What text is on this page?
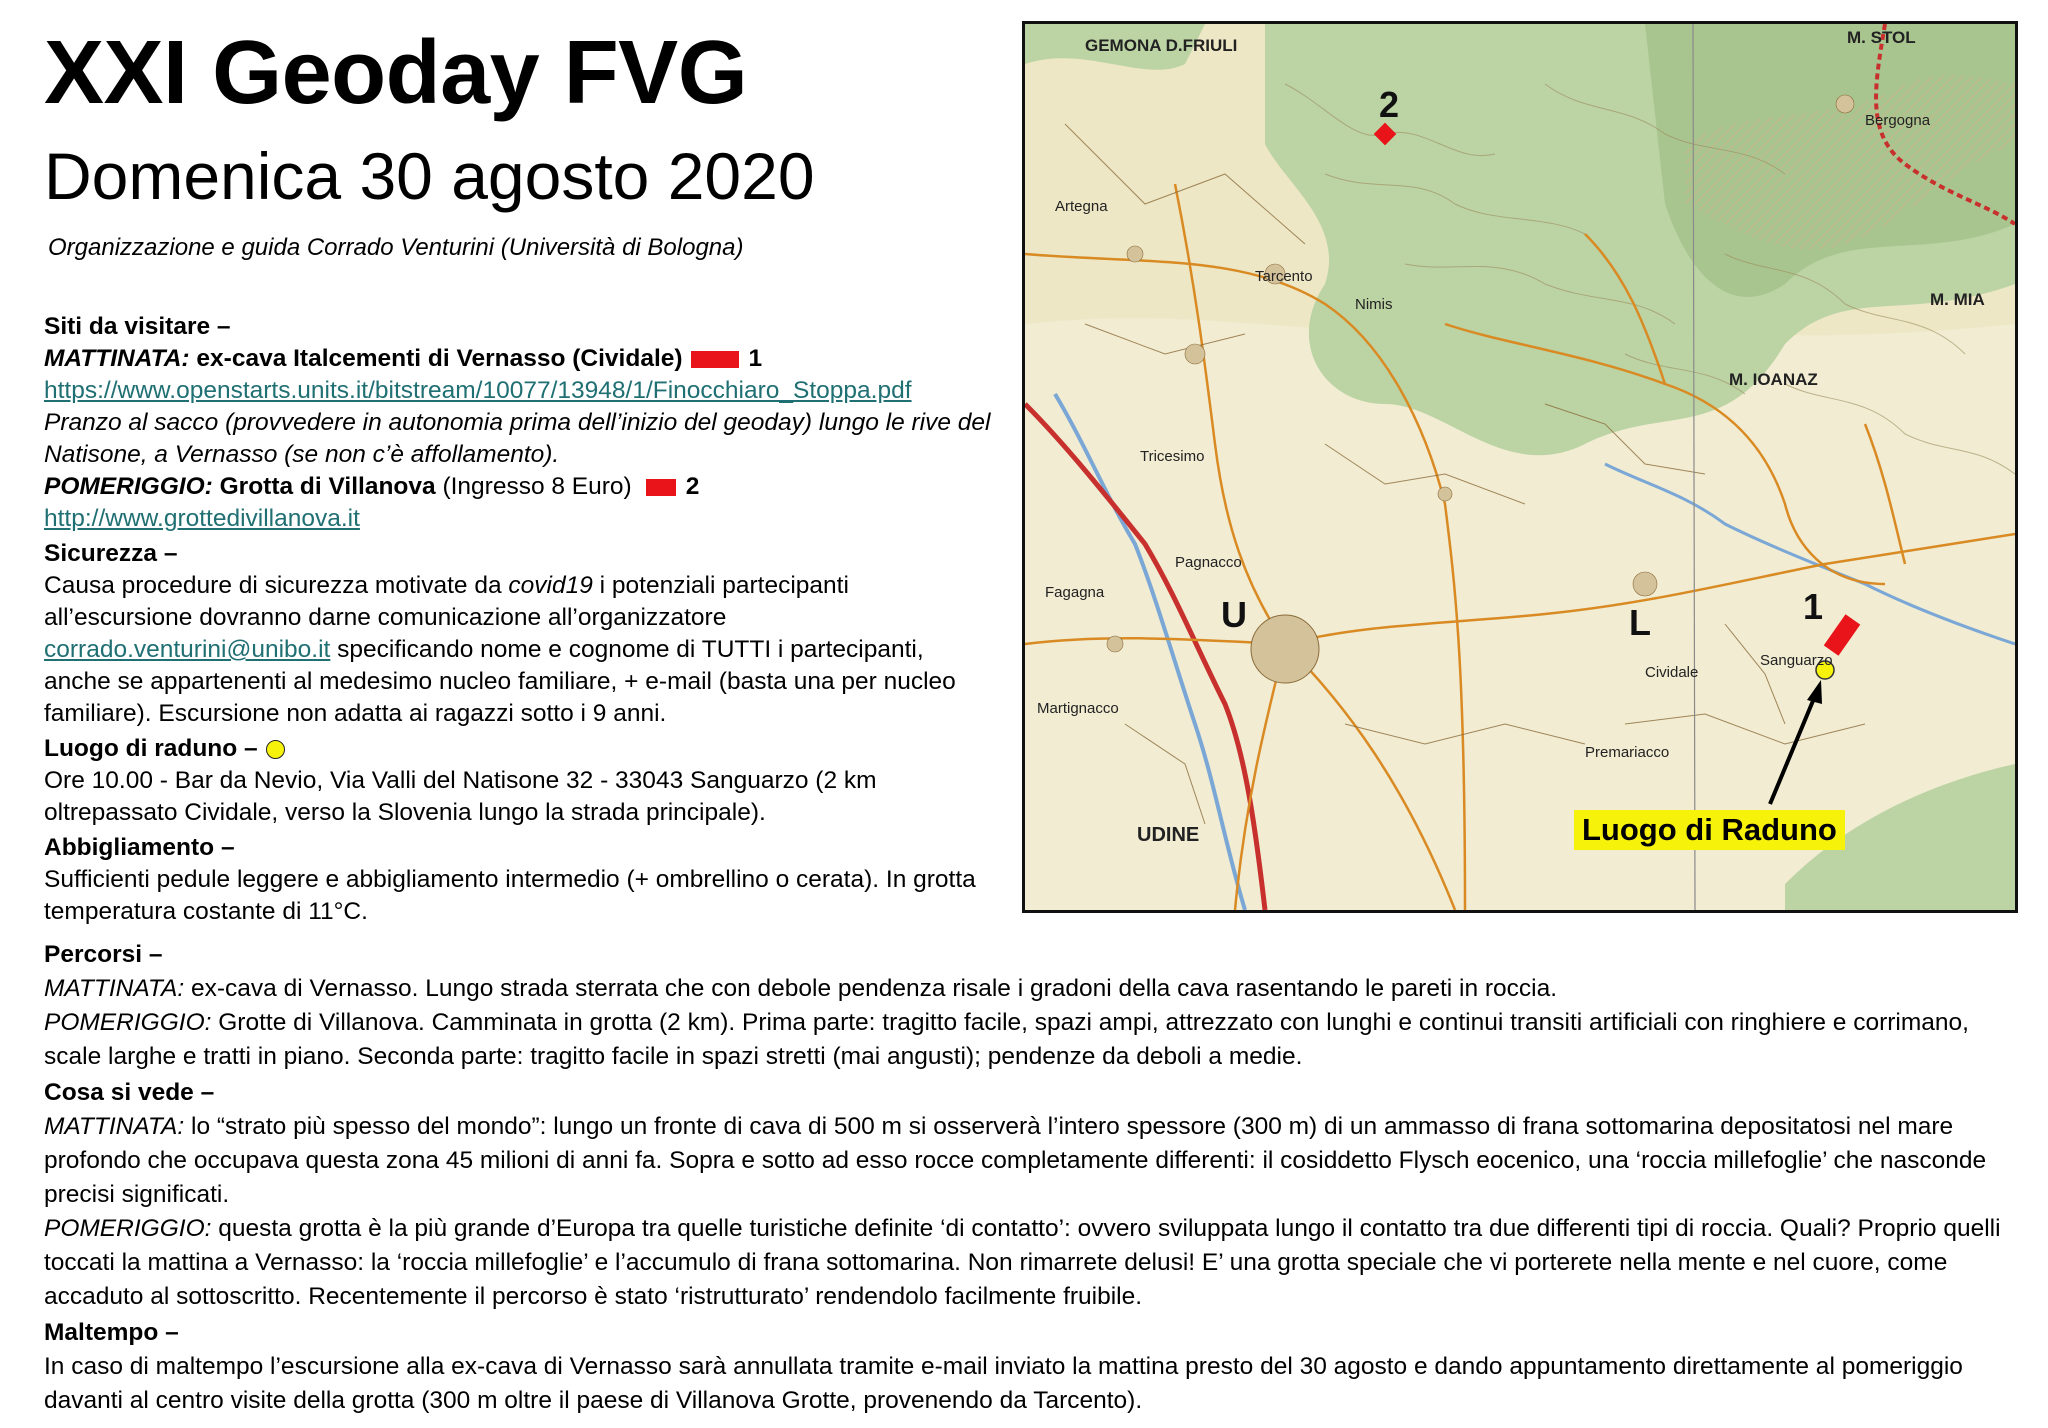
XXI Geoday FVG
Domenica 30 agosto 2020
Organizzazione e guida Corrado Venturini (Università di Bologna)

Siti da visitare –

MATTINATA: ex-cava Italcementi di Vernasso (Cividale)	1

https://www.openstarts.units.it/bitstream/10077/13948/1/Finocchiaro_Stoppa.pdf

Pranzo al sacco (provvedere in autonomia prima dell’inizio del geoday) lungo le rive del Natisone, a Vernasso (se non c’è affollamento).

POMERIGGIO: Grotta di Villanova (Ingresso 8 Euro) 2

http://www.grottedivillanova.it

Sicurezza –

Causa procedure di sicurezza motivate da covid19 i potenziali partecipanti all’escursione dovranno darne comunicazione all’organizzatore corrado.venturini@unibo.it specificando nome e cognome di TUTTI i partecipanti, anche se appartenenti al medesimo nucleo familiare, + e-mail (basta una per nucleo familiare). Escursione non adatta ai ragazzi sotto i 9 anni.

Luogo di raduno –

Ore 10.00 - Bar da Nevio, Via Valli del Natisone 32 - 33043 Sanguarzo (2 km oltrepassato Cividale, verso la Slovenia lungo la strada principale).

Abbigliamento –

Sufficienti pedule leggere e abbigliamento intermedio (+ ombrellino o cerata). In grotta temperatura costante di 11°C.

GEMONA D.FRIULI	M. STOL
Tarcento
Tricesimo
Cividale
UDINE
M. MIA
Nimis
Bergogna
Artegna
Pagnacco
Sanguarzo
M. IOANAZ
Premariacco
Martignacco
Fagagna
U	L
2
1
Luogo di Raduno

Percorsi –

MATTINATA: ex-cava di Vernasso. Lungo strada sterrata che con debole pendenza risale i gradoni della cava rasentando le pareti in roccia.

POMERIGGIO: Grotte di Villanova. Camminata in grotta (2 km). Prima parte: tragitto facile, spazi ampi, attrezzato con lunghi e continui transiti artificiali con ringhiere e corrimano, scale larghe e tratti in piano. Seconda parte: tragitto facile in spazi stretti (mai angusti); pendenze da deboli a medie.

Cosa si vede –

MATTINATA: lo “strato più spesso del mondo”: lungo un fronte di cava di 500 m si osserverà l’intero spessore (300 m) di un ammasso di frana sottomarina depositatosi nel mare profondo che occupava questa zona 45 milioni di anni fa. Sopra e sotto ad esso rocce completamente differenti: il cosiddetto Flysch eocenico, una ‘roccia millefoglie’ che nasconde precisi significati.

POMERIGGIO: questa grotta è la più grande d’Europa tra quelle turistiche definite ‘di contatto’: ovvero sviluppata lungo il contatto tra due differenti tipi di roccia. Quali? Proprio quelli toccati la mattina a Vernasso: la ‘roccia millefoglie’ e l’accumulo di frana sottomarina. Non rimarrete delusi! E’ una grotta speciale che vi porterete nella mente e nel cuore, come accaduto al sottoscritto. Recentemente il percorso è stato ‘ristrutturato’ rendendolo facilmente fruibile.

Maltempo –

In caso di maltempo l’escursione alla ex-cava di Vernasso sarà annullata tramite e-mail inviato la mattina presto del 30 agosto e dando appuntamento direttamente al pomeriggio davanti al centro visite della grotta (300 m oltre il paese di Villanova Grotte, provenendo da Tarcento).
